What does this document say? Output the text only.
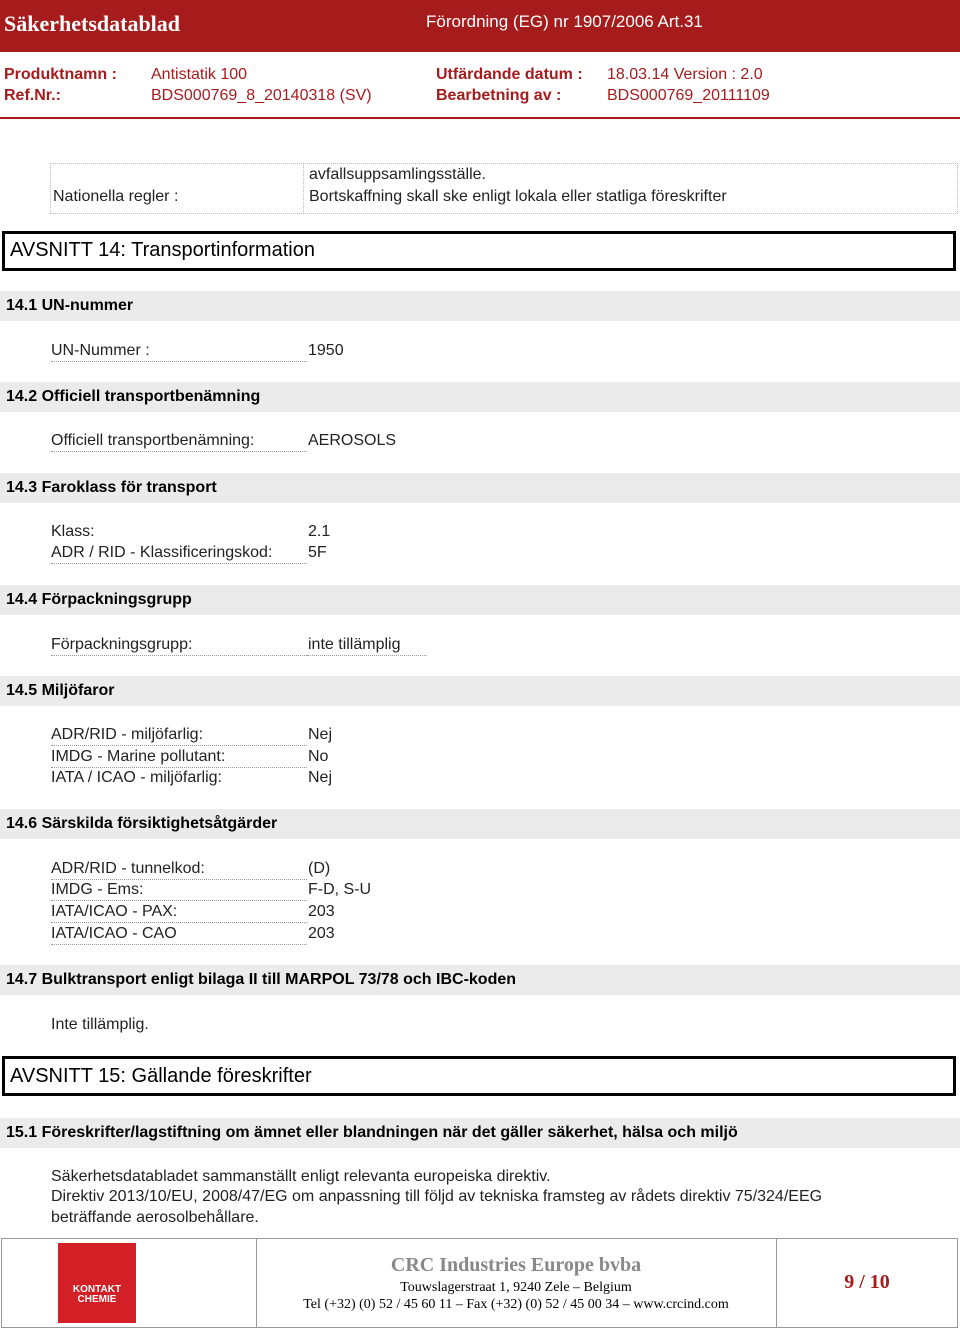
Säkerhetsdatablad	Förordning (EG) nr 1907/2006 Art.31
Produktnamn : Antistatik 100	Utfärdande datum : 18.03.14 Version : 2.0
Ref.Nr.:	BDS000769_8_20140318 (SV)	Bearbetning av :	BDS000769_20111109
Nationella regler :
avfallsuppsamlingsställe.
Bortskaffning skall ske enligt lokala eller statliga föreskrifter
AVSNITT 14: Transportinformation
14.1 UN-nummer
UN-Nummer :	1950
14.2 Officiell transportbenämning
Officiell transportbenämning:	AEROSOLS
14.3 Faroklass för transport
Klass:	2.1
ADR / RID - Klassificeringskod: 5F
14.4 Förpackningsgrupp
Förpackningsgrupp:	inte tillämplig
14.5 Miljöfaror
ADR/RID - miljöfarlig:	Nej
IMDG - Marine pollutant:	No
IATA / ICAO - miljöfarlig:	Nej
14.6 Särskilda försiktighetsåtgärder
ADR/RID - tunnelkod:	(D)
IMDG - Ems:	F-D, S-U
IATA/ICAO - PAX:	203
IATA/ICAO - CAO	203
14.7 Bulktransport enligt bilaga II till MARPOL 73/78 och IBC-koden
Inte tillämplig.
AVSNITT 15: Gällande föreskrifter
15.1 Föreskrifter/lagstiftning om ämnet eller blandningen när det gäller säkerhet, hälsa och miljö
Säkerhetsdatabladet sammanställt enligt relevanta europeiska direktiv.
Direktiv 2013/10/EU, 2008/47/EG om anpassning till följd av tekniska framsteg av rådets direktiv 75/324/EEG
beträffande aerosolbehållare.
KONTAKT
CHEMIE
CRC Industries Europe bvba
Touwslagerstraat 1, 9240 Zele – Belgium
Tel (+32) (0) 52 / 45 60 11 – Fax (+32) (0) 52 / 45 00 34 – www.crcind.com
9 / 10
